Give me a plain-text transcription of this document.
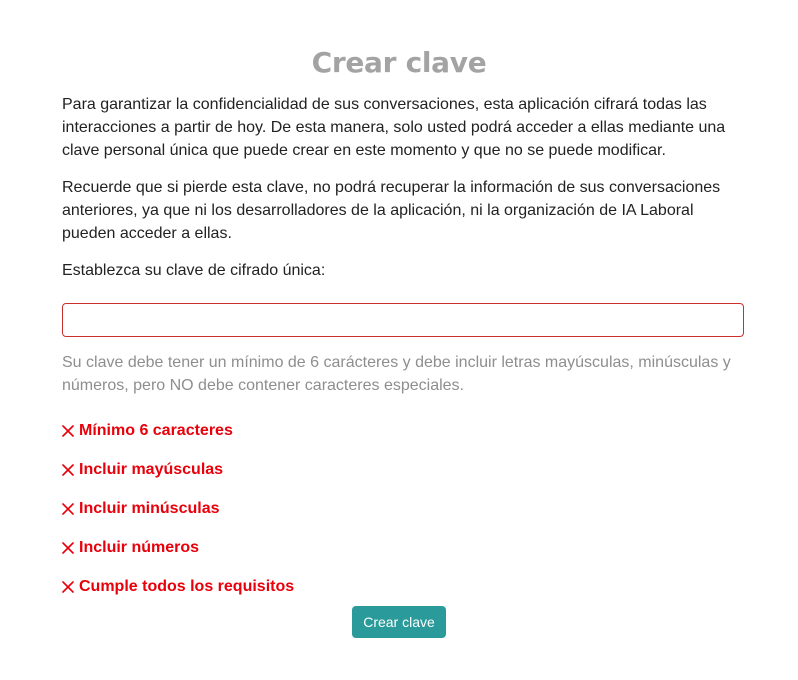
Crear clave

Para garantizar la confidencialidad de sus conversaciones, esta aplicación cifrará todas las interacciones a partir de hoy. De esta manera, solo usted podrá acceder a ellas mediante una clave personal única que puede crear en este momento y que no se puede modificar.

Recuerde que si pierde esta clave, no podrá recuperar la información de sus conversaciones anteriores, ya que ni los desarrolladores de la aplicación, ni la organización de IA Laboral pueden acceder a ellas.

Establezca su clave de cifrado única:

Su clave debe tener un mínimo de 6 carácteres y debe incluir letras mayúsculas, minúsculas y números, pero NO debe contener caracteres especiales.

Mínimo 6 caracteres
Incluir mayúsculas
Incluir minúsculas
Incluir números
Cumple todos los requisitos
Crear clave
